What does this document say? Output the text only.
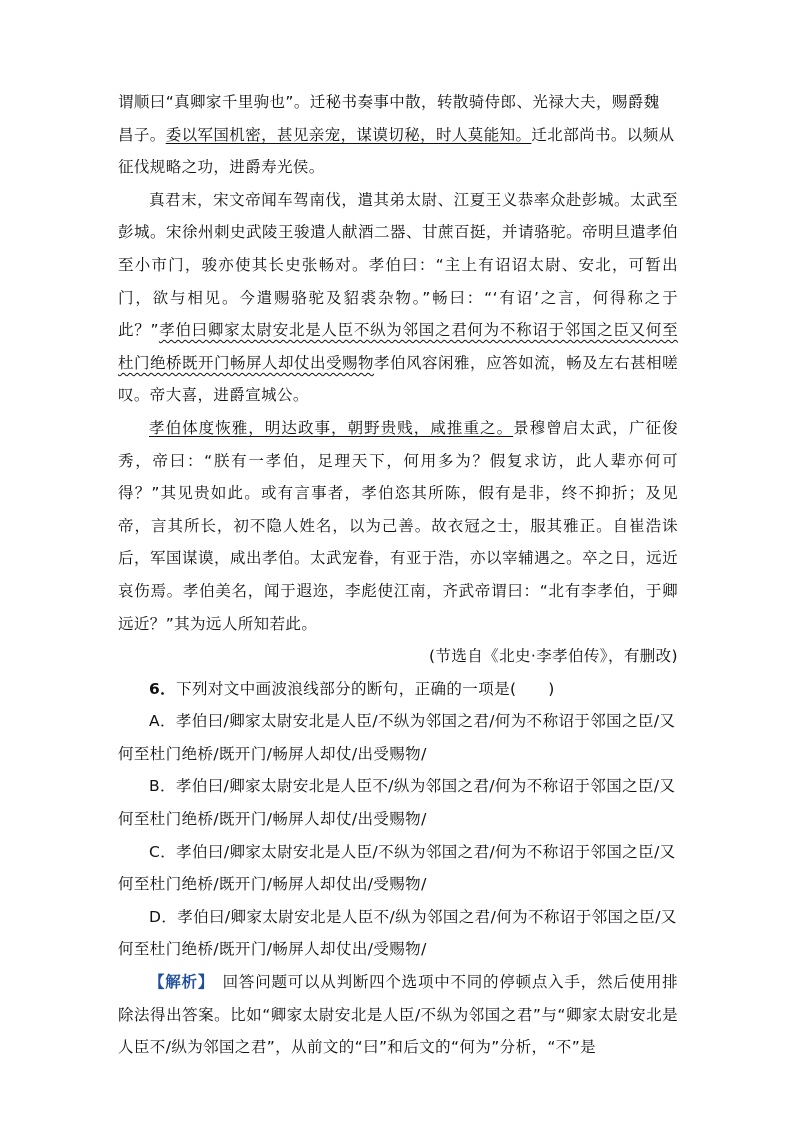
谓顺曰“真卿家千里驹也”。迁秘书奏事中散，转散骑侍郎、光禄大夫，赐爵魏
昌子。委以军国机密，甚见亲宠，谋谟切秘，时人莫能知。迁北部尚书。以频从
征伐规略之功，进爵寿光侯。

真君末，宋文帝闻车驾南伐，遣其弟太尉、江夏王义恭率众赴彭城。太武至彭城。宋徐州刺史武陵王骏遣人献酒二器、甘蔗百挺，并请骆驼。帝明旦遣孝伯至小市门，骏亦使其长史张畅对。孝伯曰：“主上有诏诏太尉、安北，可暂出门，欲与相见。今遣赐骆驼及貂裘杂物。”畅曰：“‘有诏’之言，何得称之于此？”孝伯曰卿家太尉安北是人臣不纵为邻国之君何为不称诏于邻国之臣又何至杜门绝桥既开门畅屏人却仗出受赐物孝伯风容闲雅，应答如流，畅及左右甚相嗟叹。帝大喜，进爵宣城公。

孝伯体度恢雅，明达政事，朝野贵贱，咸推重之。景穆曾启太武，广征俊秀，帝曰：“朕有一孝伯，足理天下，何用多为？假复求访，此人辈亦何可得？”其见贵如此。或有言事者，孝伯恣其所陈，假有是非，终不抑折；及见帝，言其所长，初不隐人姓名，以为己善。故衣冠之士，服其雅正。自崔浩诛后，军国谋谟，咸出孝伯。太武宠眷，有亚于浩，亦以宰辅遇之。卒之日，远近哀伤焉。孝伯美名，闻于遐迩，李彪使江南，齐武帝谓曰：“北有李孝伯，于卿远近？”其为远人所知若此。

(节选自《北史·李孝伯传》，有删改)

6．下列对文中画波浪线部分的断句，正确的一项是(　　)
A．孝伯曰/卿家太尉安北是人臣/不纵为邻国之君/何为不称诏于邻国之臣/又
何至杜门绝桥/既开门/畅屏人却仗/出受赐物/
B．孝伯曰/卿家太尉安北是人臣不/纵为邻国之君/何为不称诏于邻国之臣/又
何至杜门绝桥/既开门/畅屏人却仗/出受赐物/
C．孝伯曰/卿家太尉安北是人臣/不纵为邻国之君/何为不称诏于邻国之臣/又
何至杜门绝桥/既开门/畅屏人却仗出/受赐物/
D．孝伯曰/卿家太尉安北是人臣不/纵为邻国之君/何为不称诏于邻国之臣/又
何至杜门绝桥/既开门/畅屏人却仗出/受赐物/

【解析】　 回答问题可以从判断四个选项中不同的停顿点入手，然后使用排除法得出答案。比如“卿家太尉安北是人臣/不纵为邻国之君”与“卿家太尉安北是人臣不/纵为邻国之君”，从前文的“曰”和后文的“何为”分析，“不”是
